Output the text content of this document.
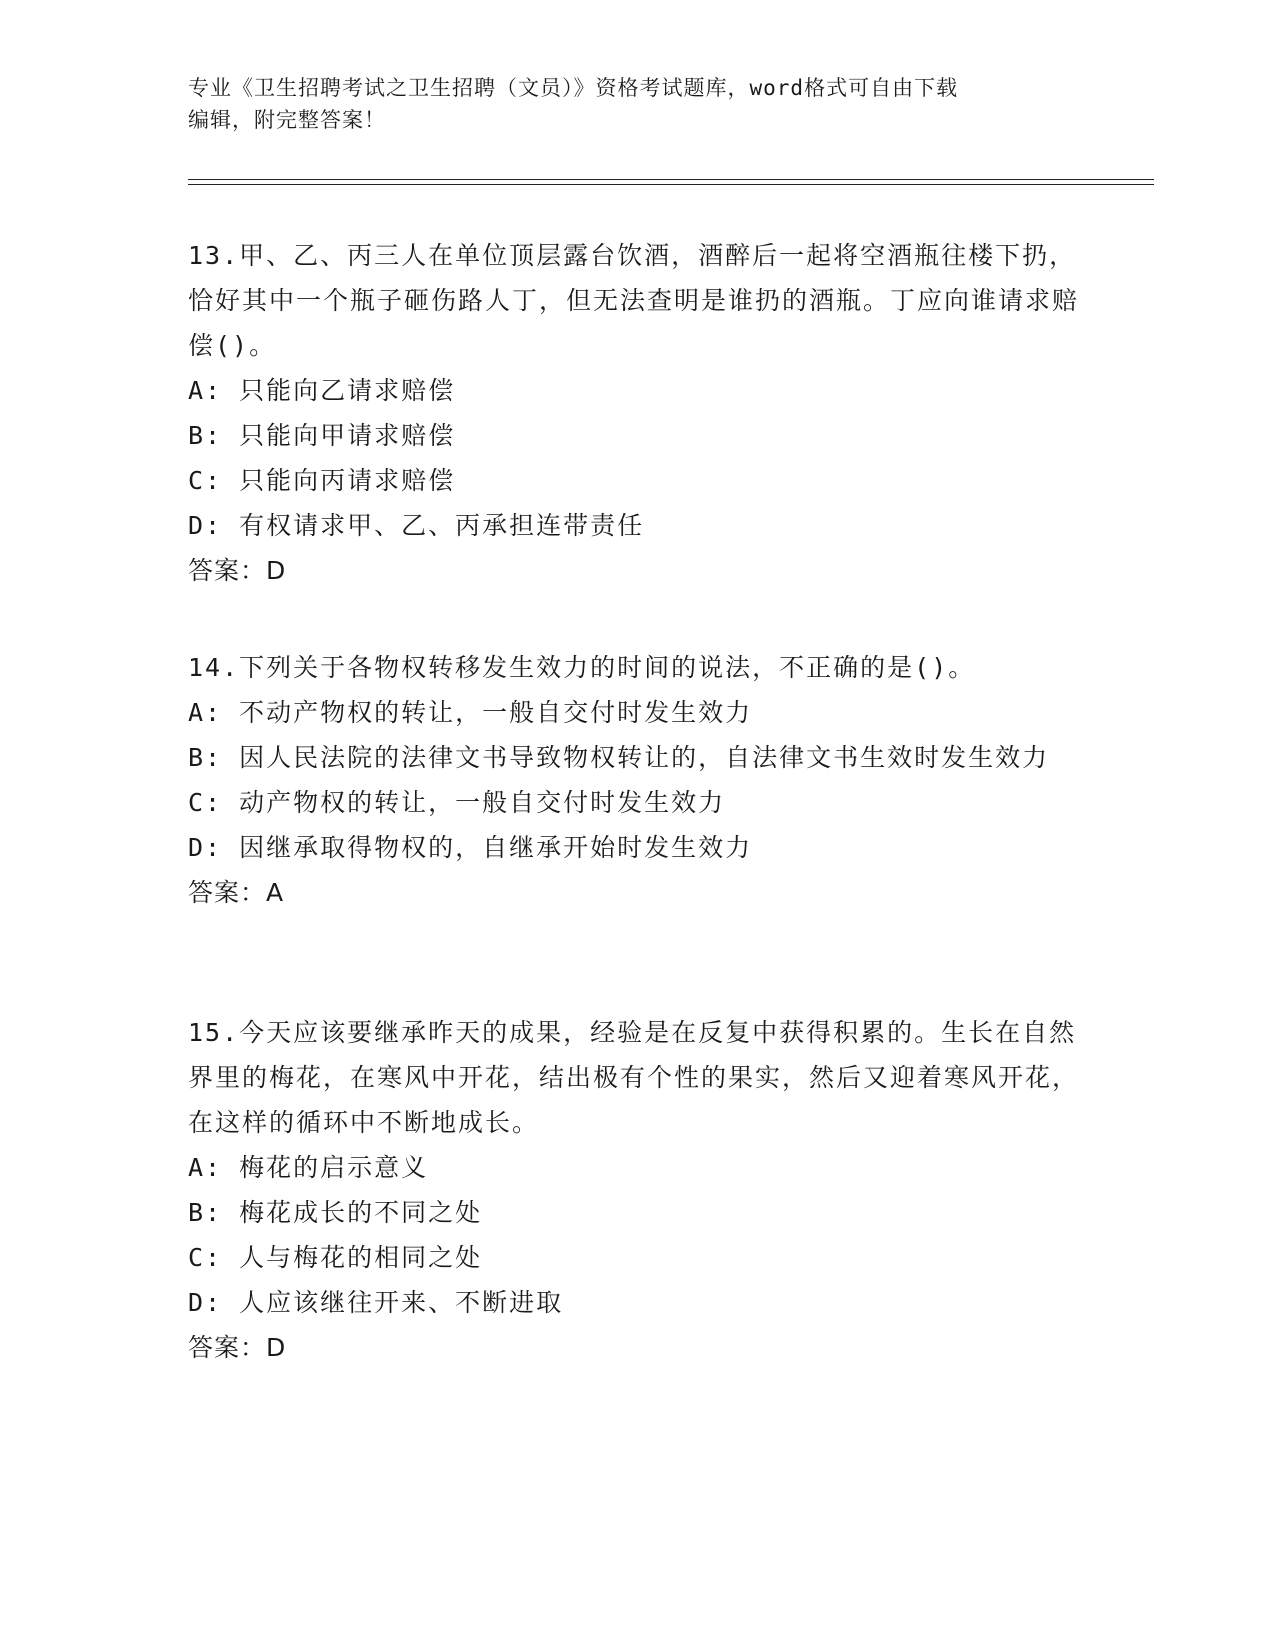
专业《卫生招聘考试之卫生招聘（文员）》资格考试题库，word格式可自由下载
编辑，附完整答案！

13.甲、乙、丙三人在单位顶层露台饮酒，酒醉后一起将空酒瓶往楼下扔，恰好其中一个瓶子砸伤路人丁，但无法查明是谁扔的酒瓶。丁应向谁请求赔偿()。

A: 只能向乙请求赔偿

B: 只能向甲请求赔偿

C: 只能向丙请求赔偿

D: 有权请求甲、乙、丙承担连带责任

答案：D

14.下列关于各物权转移发生效力的时间的说法，不正确的是()。

A: 不动产物权的转让，一般自交付时发生效力

B: 因人民法院的法律文书导致物权转让的，自法律文书生效时发生效力

C: 动产物权的转让，一般自交付时发生效力

D: 因继承取得物权的，自继承开始时发生效力

答案：A

15.今天应该要继承昨天的成果，经验是在反复中获得积累的。生长在自然界里的梅花，在寒风中开花，结出极有个性的果实，然后又迎着寒风开花，在这样的循环中不断地成长。

A: 梅花的启示意义

B: 梅花成长的不同之处

C: 人与梅花的相同之处

D: 人应该继往开来、不断进取

答案：D
